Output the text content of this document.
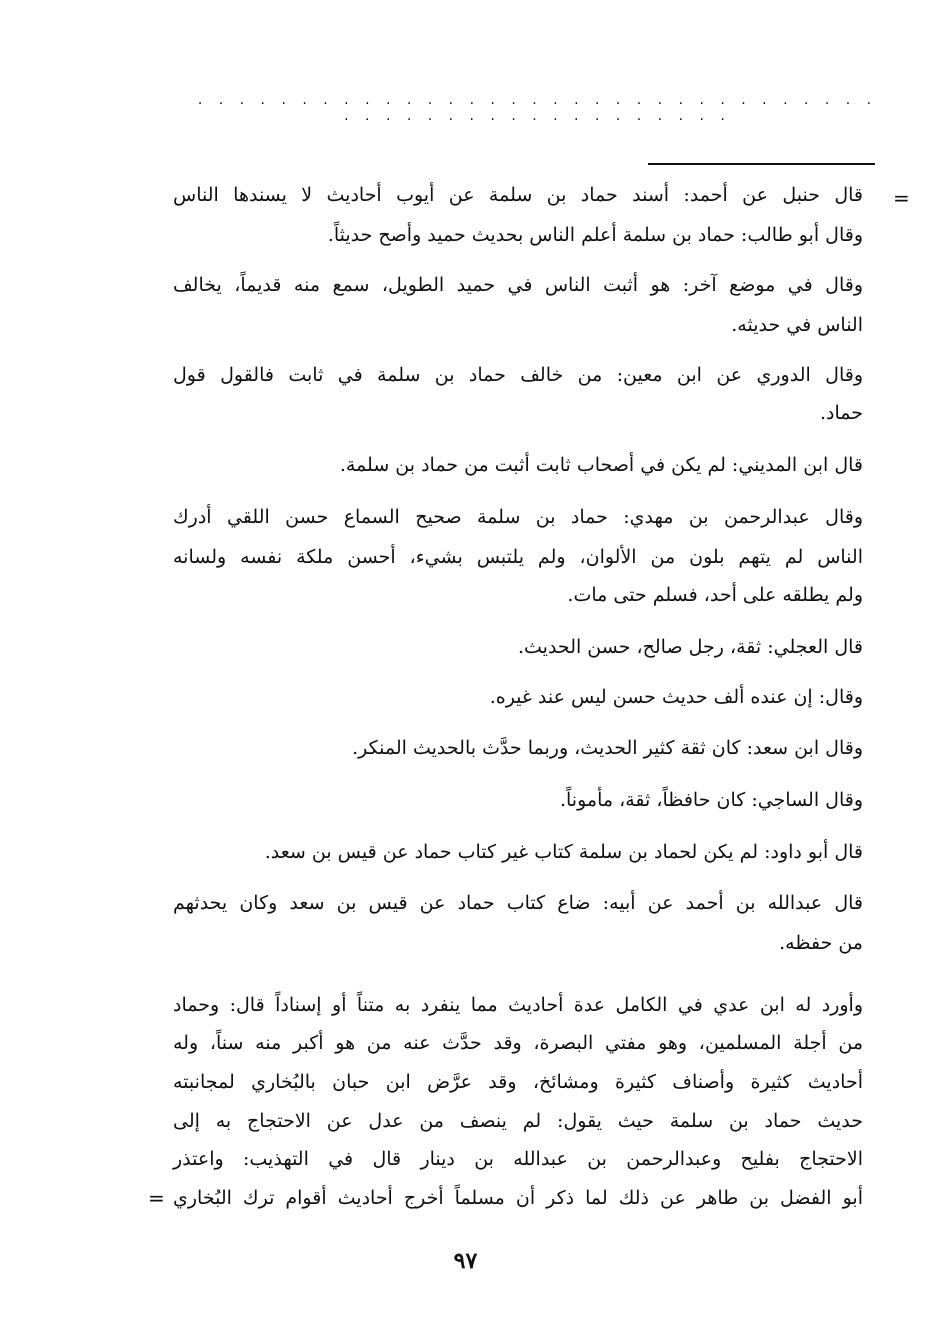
. . . . . . . . . . . . . . . . . . . . . . . . . . . . . . . . . . . . . . . . . . . . . . . . . . . .
=
قال حنبل عن أحمد: أسند حماد بن سلمة عن أيوب أحاديث لا يسندها الناس
وقال أبو طالب: حماد بن سلمة أعلم الناس بحديث حميد وأصح حديثاً.
وقال في موضع آخر: هو أثبت الناس في حميد الطويل، سمع منه قديماً، يخالف
الناس في حديثه.
وقال الدوري عن ابن معين: من خالف حماد بن سلمة في ثابت فالقول قول
حماد.
قال ابن المديني: لم يكن في أصحاب ثابت أثبت من حماد بن سلمة.
وقال عبدالرحمن بن مهدي: حماد بن سلمة صحيح السماع حسن اللقي أدرك
الناس لم يتهم بلون من الألوان، ولم يلتبس بشيء، أحسن ملكة نفسه ولسانه
ولم يطلقه على أحد، فسلم حتى مات.
قال العجلي: ثقة، رجل صالح، حسن الحديث.
وقال: إن عنده ألف حديث حسن ليس عند غيره.
وقال ابن سعد: كان ثقة كثير الحديث، وربما حدَّث بالحديث المنكر.
وقال الساجي: كان حافظاً، ثقة، مأموناً.
قال أبو داود: لم يكن لحماد بن سلمة كتاب غير كتاب حماد عن قيس بن سعد.
قال عبدالله بن أحمد عن أبيه: ضاع كتاب حماد عن قيس بن سعد وكان يحدثهم
من حفظه.
وأورد له ابن عدي في الكامل عدة أحاديث مما ينفرد به متناً أو إسناداً قال: وحماد
من أجلة المسلمين، وهو مفتي البصرة، وقد حدَّث عنه من هو أكبر منه سناً، وله
أحاديث كثيرة وأصناف كثيرة ومشائخ، وقد عرَّض ابن حبان بالبُخاري لمجانبته
حديث حماد بن سلمة حيث يقول: لم ينصف من عدل عن الاحتجاج به إلى
الاحتجاج بفليح وعبدالرحمن بن عبدالله بن دينار قال في التهذيب: واعتذر
أبو الفضل بن طاهر عن ذلك لما ذكر أن مسلماً أخرج أحاديث أقوام ترك البُخاري
=
٩٧
